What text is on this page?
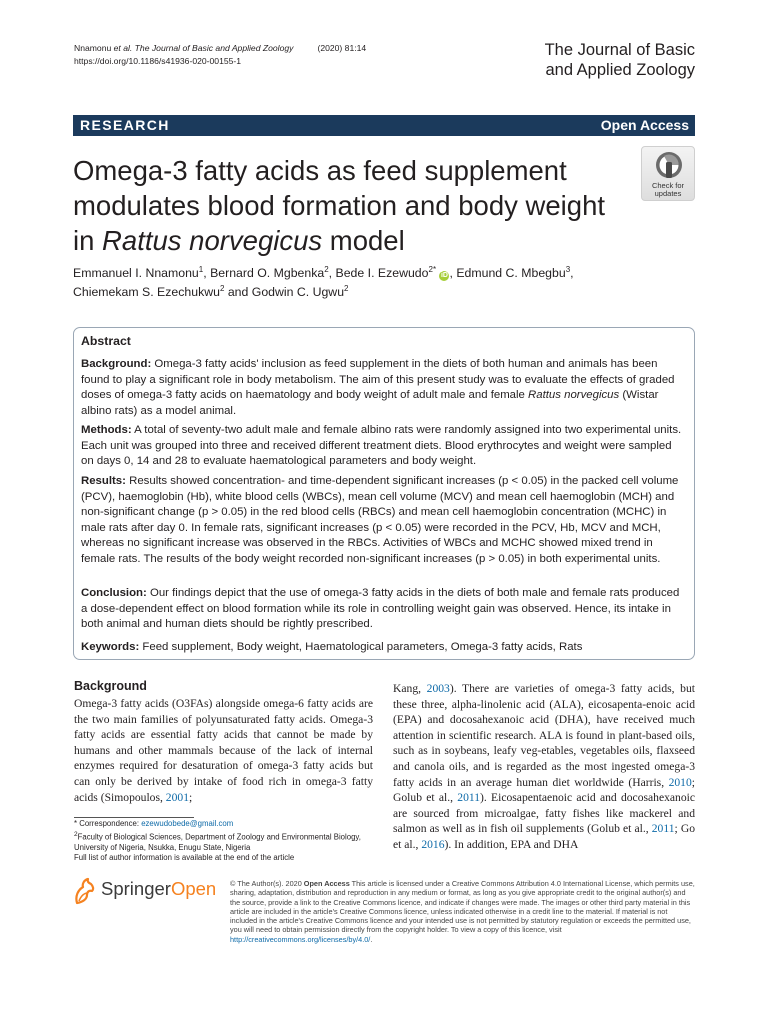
Nnamonu et al. The Journal of Basic and Applied Zoology	(2020) 81:14
https://doi.org/10.1186/s41936-020-00155-1
The Journal of Basic
and Applied Zoology
RESEARCH	Open Access
Omega-3 fatty acids as feed supplement modulates blood formation and body weight in Rattus norvegicus model
Check for
updates
Emmanuel I. Nnamonu$^1$, Bernard O. Mgbenka$^2$, Bede I. Ezewudo$^{2*}$ iD , Edmund C. Mbegbu$^3$,
Chiemekam S. Ezechukwu$^2$ and Godwin C. Ugwu$^2$
Abstract
Background: Omega-3 fatty acids' inclusion as feed supplement in the diets of both human and animals has been found to play a significant role in body metabolism. The aim of this present study was to evaluate the effects of graded doses of omega-3 fatty acids on haematology and body weight of adult male and female Rattus norvegicus (Wistar albino rats) as a model animal.
Methods: A total of seventy-two adult male and female albino rats were randomly assigned into two experimental units. Each unit was grouped into three and received different treatment diets. Blood erythrocytes and weight were sampled on days 0, 14 and 28 to evaluate haematological parameters and body weight.
Results: Results showed concentration- and time-dependent significant increases (p < 0.05) in the packed cell volume (PCV), haemoglobin (Hb), white blood cells (WBCs), mean cell volume (MCV) and mean cell haemoglobin (MCH) and non-significant change (p > 0.05) in the red blood cells (RBCs) and mean cell haemoglobin concentration (MCHC) in male rats after day 0. In female rats, significant increases (p < 0.05) were recorded in the PCV, Hb, MCV and MCH, whereas no significant increase was observed in the RBCs. Activities of WBCs and MCHC showed mixed trend in female rats. The results of the body weight recorded non-significant increases (p > 0.05) in both experimental units.
Conclusion: Our findings depict that the use of omega-3 fatty acids in the diets of both male and female rats produced a dose-dependent effect on blood formation while its role in controlling weight gain was observed. Hence, its intake in both animal and human diets should be rightly prescribed.
Keywords: Feed supplement, Body weight, Haematological parameters, Omega-3 fatty acids, Rats
Background
Omega-3 fatty acids (O3FAs) alongside omega-6 fatty acids are the two main families of polyunsaturated fatty acids. Omega-3 fatty acids are essential fatty acids that cannot be made by humans and other mammals because of the lack of internal enzymes required for desaturation of omega-3 fatty acids but can only be derived by intake of food rich in omega-3 fatty acids (Simopoulos, 2001;
Kang, 2003). There are varieties of omega-3 fatty acids, but these three, alpha-linolenic acid (ALA), eicosapenta-enoic acid (EPA) and docosahexanoic acid (DHA), have received much attention in scientific research. ALA is found in plant-based oils, such as in soybeans, leafy veg-etables, vegetables oils, flaxseed and canola oils, and is regarded as the most ingested omega-3 fatty acids in an average human diet worldwide (Harris, 2010; Golub et al., 2011). Eicosapentaenoic acid and docosahexanoic are sourced from microalgae, fatty fishes like mackerel and salmon as well as in fish oil supplements (Golub et al., 2011; Go et al., 2016). In addition, EPA and DHA
* Correspondence: ezewudobede@gmail.com
$^2$Faculty of Biological Sciences, Department of Zoology and Environmental Biology, University of Nigeria, Nsukka, Enugu State, Nigeria
Full list of author information is available at the end of the article
SpringerOpen © The Author(s). 2020 Open Access This article is licensed under a Creative Commons Attribution 4.0 International License, which permits use, sharing, adaptation, distribution and reproduction in any medium or format, as long as you give appropriate credit to the original author(s) and the source, provide a link to the Creative Commons licence, and indicate if changes were made. The images or other third party material in this article are included in the article's Creative Commons licence, unless indicated otherwise in a credit line to the material. If material is not included in the article's Creative Commons licence and your intended use is not permitted by statutory regulation or exceeds the permitted use, you will need to obtain permission directly from the copyright holder. To view a copy of this licence, visit http://creativecommons.org/licenses/by/4.0/.
